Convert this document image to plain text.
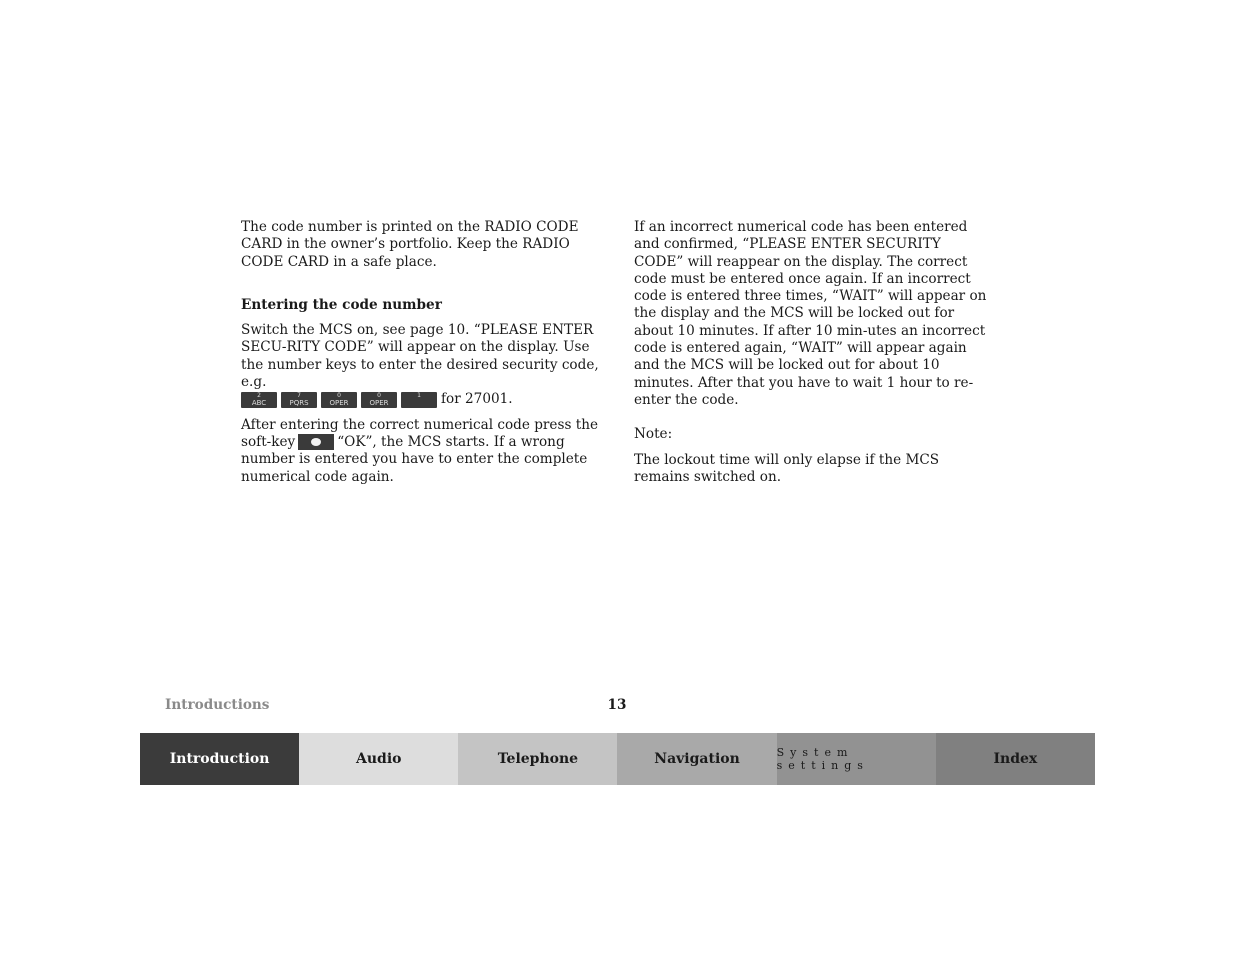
The code number is printed on the RADIO CODE CARD in the owner’s portfolio. Keep the RADIO CODE CARD in a safe place.

Entering the code number

Switch the MCS on, see page 10. “PLEASE ENTER SECU-RITY CODE” will appear on the display. Use the number keys to enter the desired security code, e.g.

2
ABC
7
PQRS
0
OPER
0
OPER
1	for 27001.

After entering the correct numerical code press the soft-key	“OK”, the MCS starts. If a wrong number is entered you have to enter the complete numerical code again.

If an incorrect numerical code has been entered and confirmed, “PLEASE ENTER SECURITY CODE” will reappear on the display. The correct code must be entered once again. If an incorrect code is entered three times, “WAIT” will appear on the display and the MCS will be locked out for about 10 minutes. If after 10 min-utes an incorrect code is entered again, “WAIT” will appear again and the MCS will be locked out for about 10 minutes. After that you have to wait 1 hour to re-enter the code.

Note:

The lockout time will only elapse if the MCS remains switched on.

Introductions	13
Introduction	Audio	Telephone	Navigation	System settings	Index
